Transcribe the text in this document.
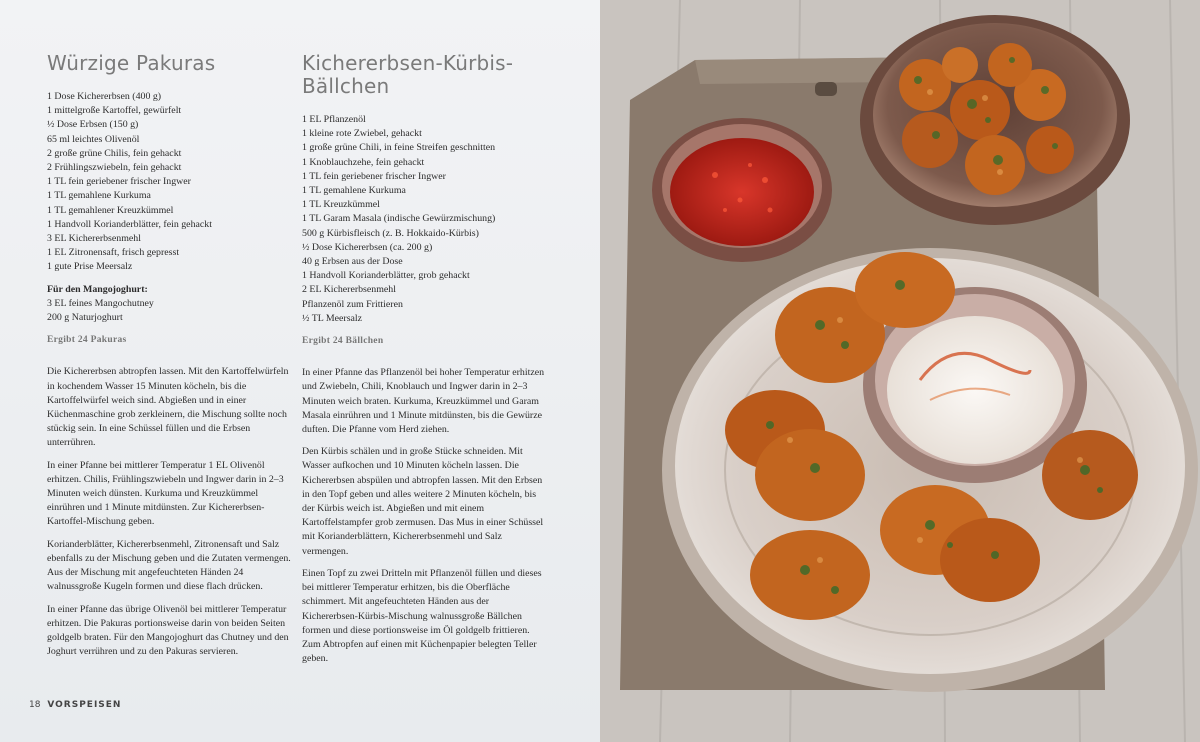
Würzige Pakuras
1 Dose Kichererbsen (400 g)
1 mittelgroße Kartoffel, gewürfelt
½ Dose Erbsen (150 g)
65 ml leichtes Olivenöl
2 große grüne Chilis, fein gehackt
2 Frühlingszwiebeln, fein gehackt
1 TL fein geriebener frischer Ingwer
1 TL gemahlene Kurkuma
1 TL gemahlener Kreuzkümmel
1 Handvoll Korianderblätter, fein gehackt
3 EL Kichererbsenmehl
1 EL Zitronensaft, frisch gepresst
1 gute Prise Meersalz
Für den Mangojoghurt:
3 EL feines Mangochutney
200 g Naturjoghurt
Ergibt 24 Pakuras
Die Kichererbsen abtropfen lassen. Mit den Kartoffelwürfeln in kochendem Wasser 15 Minuten köcheln, bis die Kartoffelwürfel weich sind. Abgießen und in einer Küchenmaschine grob zerkleinern, die Mischung sollte noch stückig sein. In eine Schüssel füllen und die Erbsen unterrühren.
In einer Pfanne bei mittlerer Temperatur 1 EL Olivenöl erhitzen. Chilis, Frühlingszwiebeln und Ingwer darin in 2–3 Minuten weich dünsten. Kurkuma und Kreuzkümmel einrühren und 1 Minute mitdünsten. Zur Kichererbsen-Kartoffel-Mischung geben.
Korianderblätter, Kichererbsenmehl, Zitronensaft und Salz ebenfalls zu der Mischung geben und die Zutaten vermengen. Aus der Mischung mit angefeuchteten Händen 24 walnussgroße Kugeln formen und diese flach drücken.
In einer Pfanne das übrige Olivenöl bei mittlerer Temperatur erhitzen. Die Pakuras portionsweise darin von beiden Seiten goldgelb braten. Für den Mangojoghurt das Chutney und den Joghurt verrühren und zu den Pakuras servieren.
Kichererbsen-Kürbis-Bällchen
1 EL Pflanzenöl
1 kleine rote Zwiebel, gehackt
1 große grüne Chili, in feine Streifen geschnitten
1 Knoblauchzehe, fein gehackt
1 TL fein geriebener frischer Ingwer
1 TL gemahlene Kurkuma
1 TL Kreuzkümmel
1 TL Garam Masala (indische Gewürzmischung)
500 g Kürbisfleisch (z. B. Hokkaido-Kürbis)
½ Dose Kichererbsen (ca. 200 g)
40 g Erbsen aus der Dose
1 Handvoll Korianderblätter, grob gehackt
2 EL Kichererbsenmehl
Pflanzenöl zum Frittieren
½ TL Meersalz
Ergibt 24 Bällchen
In einer Pfanne das Pflanzenöl bei hoher Temperatur erhitzen und Zwiebeln, Chili, Knoblauch und Ingwer darin in 2–3 Minuten weich braten. Kurkuma, Kreuzkümmel und Garam Masala einrühren und 1 Minute mitdünsten, bis die Gewürze duften. Die Pfanne vom Herd ziehen.
Den Kürbis schälen und in große Stücke schneiden. Mit Wasser aufkochen und 10 Minuten köcheln lassen. Die Kichererbsen abspülen und abtropfen lassen. Mit den Erbsen in den Topf geben und alles weitere 2 Minuten köcheln, bis der Kürbis weich ist. Abgießen und mit einem Kartoffelstampfer grob zermusen. Das Mus in einer Schüssel mit Korianderblättern, Kichererbsenmehl und Salz vermengen.
Einen Topf zu zwei Dritteln mit Pflanzenöl füllen und dieses bei mittlerer Temperatur erhitzen, bis die Oberfläche schimmert. Mit angefeuchteten Händen aus der Kichererbsen-Kürbis-Mischung walnussgroße Bällchen formen und diese portionsweise im Öl goldgelb frittieren. Zum Abtropfen auf einen mit Küchenpapier belegten Teller geben.
18 VORSPEISEN
